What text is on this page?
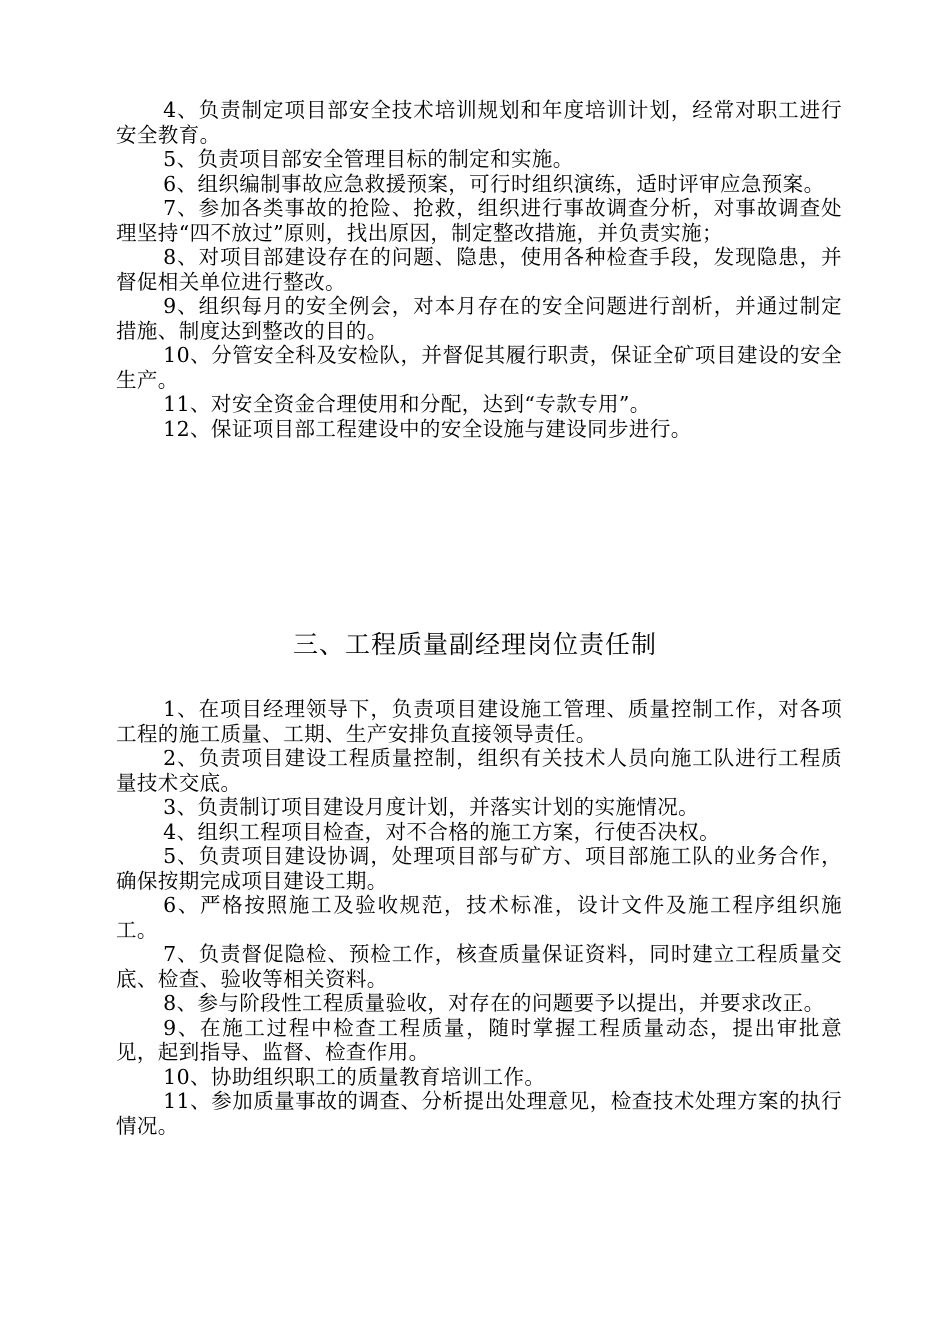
4、负责制定项目部安全技术培训规划和年度培训计划，经常对职工进行安全教育。

5、负责项目部安全管理目标的制定和实施。

6、组织编制事故应急救援预案，可行时组织演练，适时评审应急预案。

7、参加各类事故的抢险、抢救，组织进行事故调查分析，对事故调查处理坚持“四不放过”原则，找出原因，制定整改措施，并负责实施；

8、对项目部建设存在的问题、隐患，使用各种检查手段，发现隐患，并督促相关单位进行整改。

9、组织每月的安全例会，对本月存在的安全问题进行剖析，并通过制定措施、制度达到整改的目的。

10、分管安全科及安检队，并督促其履行职责，保证全矿项目建设的安全生产。

11、对安全资金合理使用和分配，达到“专款专用”。

12、保证项目部工程建设中的安全设施与建设同步进行。

三、工程质量副经理岗位责任制

1、在项目经理领导下，负责项目建设施工管理、质量控制工作，对各项工程的施工质量、工期、生产安排负直接领导责任。

2、负责项目建设工程质量控制，组织有关技术人员向施工队进行工程质量技术交底。

3、负责制订项目建设月度计划，并落实计划的实施情况。

4、组织工程项目检查，对不合格的施工方案，行使否决权。

5、负责项目建设协调，处理项目部与矿方、项目部施工队的业务合作，确保按期完成项目建设工期。

6、严格按照施工及验收规范，技术标准，设计文件及施工程序组织施工。

7、负责督促隐检、预检工作，核查质量保证资料，同时建立工程质量交底、检查、验收等相关资料。

8、参与阶段性工程质量验收，对存在的问题要予以提出，并要求改正。

9、在施工过程中检查工程质量，随时掌握工程质量动态，提出审批意见，起到指导、监督、检查作用。

10、协助组织职工的质量教育培训工作。

11、参加质量事故的调查、分析提出处理意见，检查技术处理方案的执行情况。
